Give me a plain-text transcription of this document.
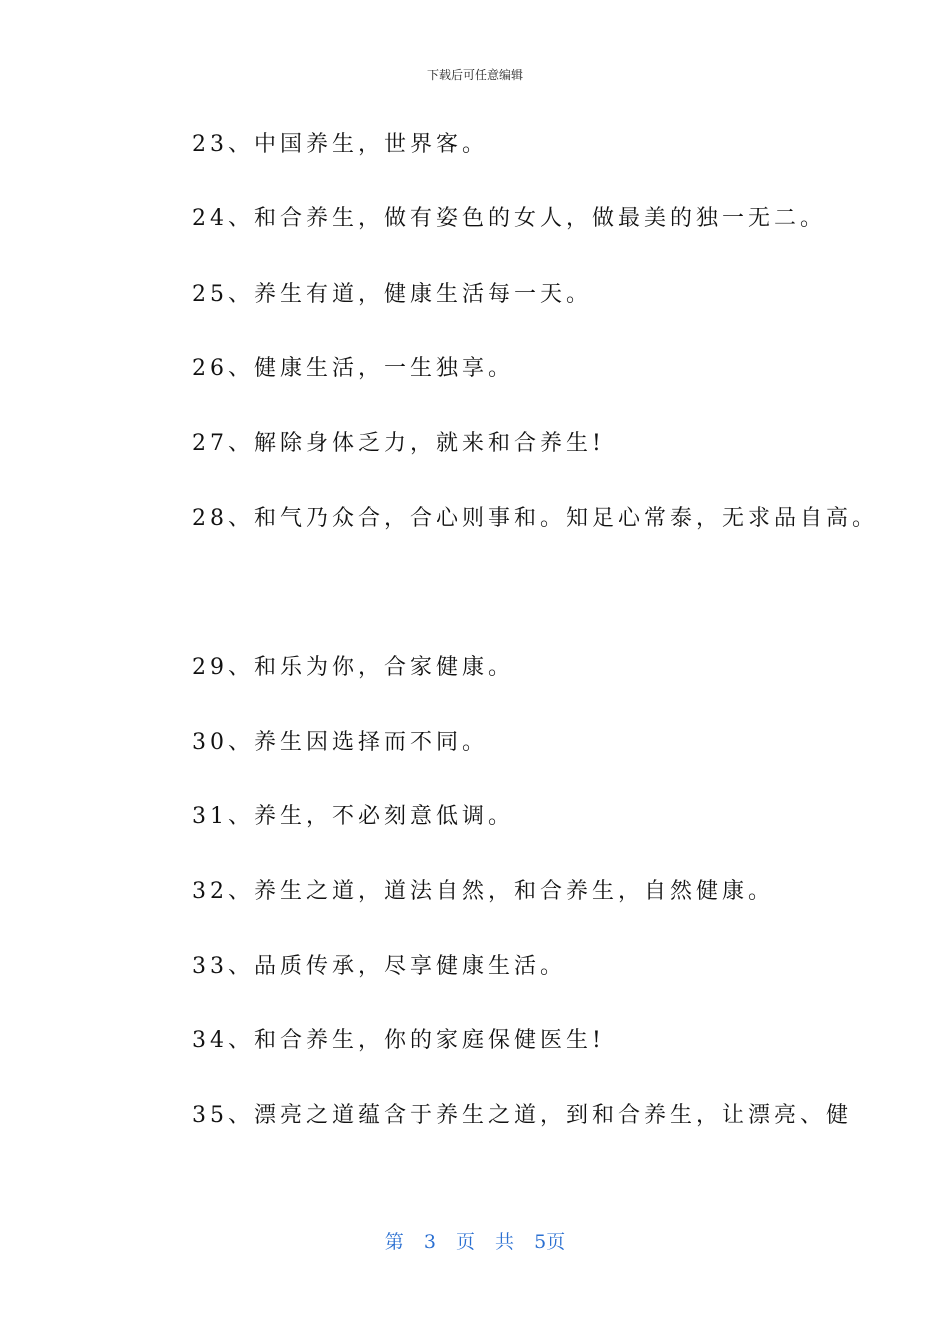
下载后可任意编辑
23、中国养生，世界客。
24、和合养生，做有姿色的女人，做最美的独一无二。
25、养生有道，健康生活每一天。
26、健康生活，一生独享。
27、解除身体乏力，就来和合养生!
28、和气乃众合，合心则事和。知足心常泰，无求品自高。
29、和乐为你，合家健康。
30、养生因选择而不同。
31、养生，不必刻意低调。
32、养生之道，道法自然，和合养生，自然健康。
33、品质传承，尽享健康生活。
34、和合养生，你的家庭保健医生!
35、漂亮之道蕴含于养生之道，到和合养生，让漂亮、健
第 3 页 共 5页
